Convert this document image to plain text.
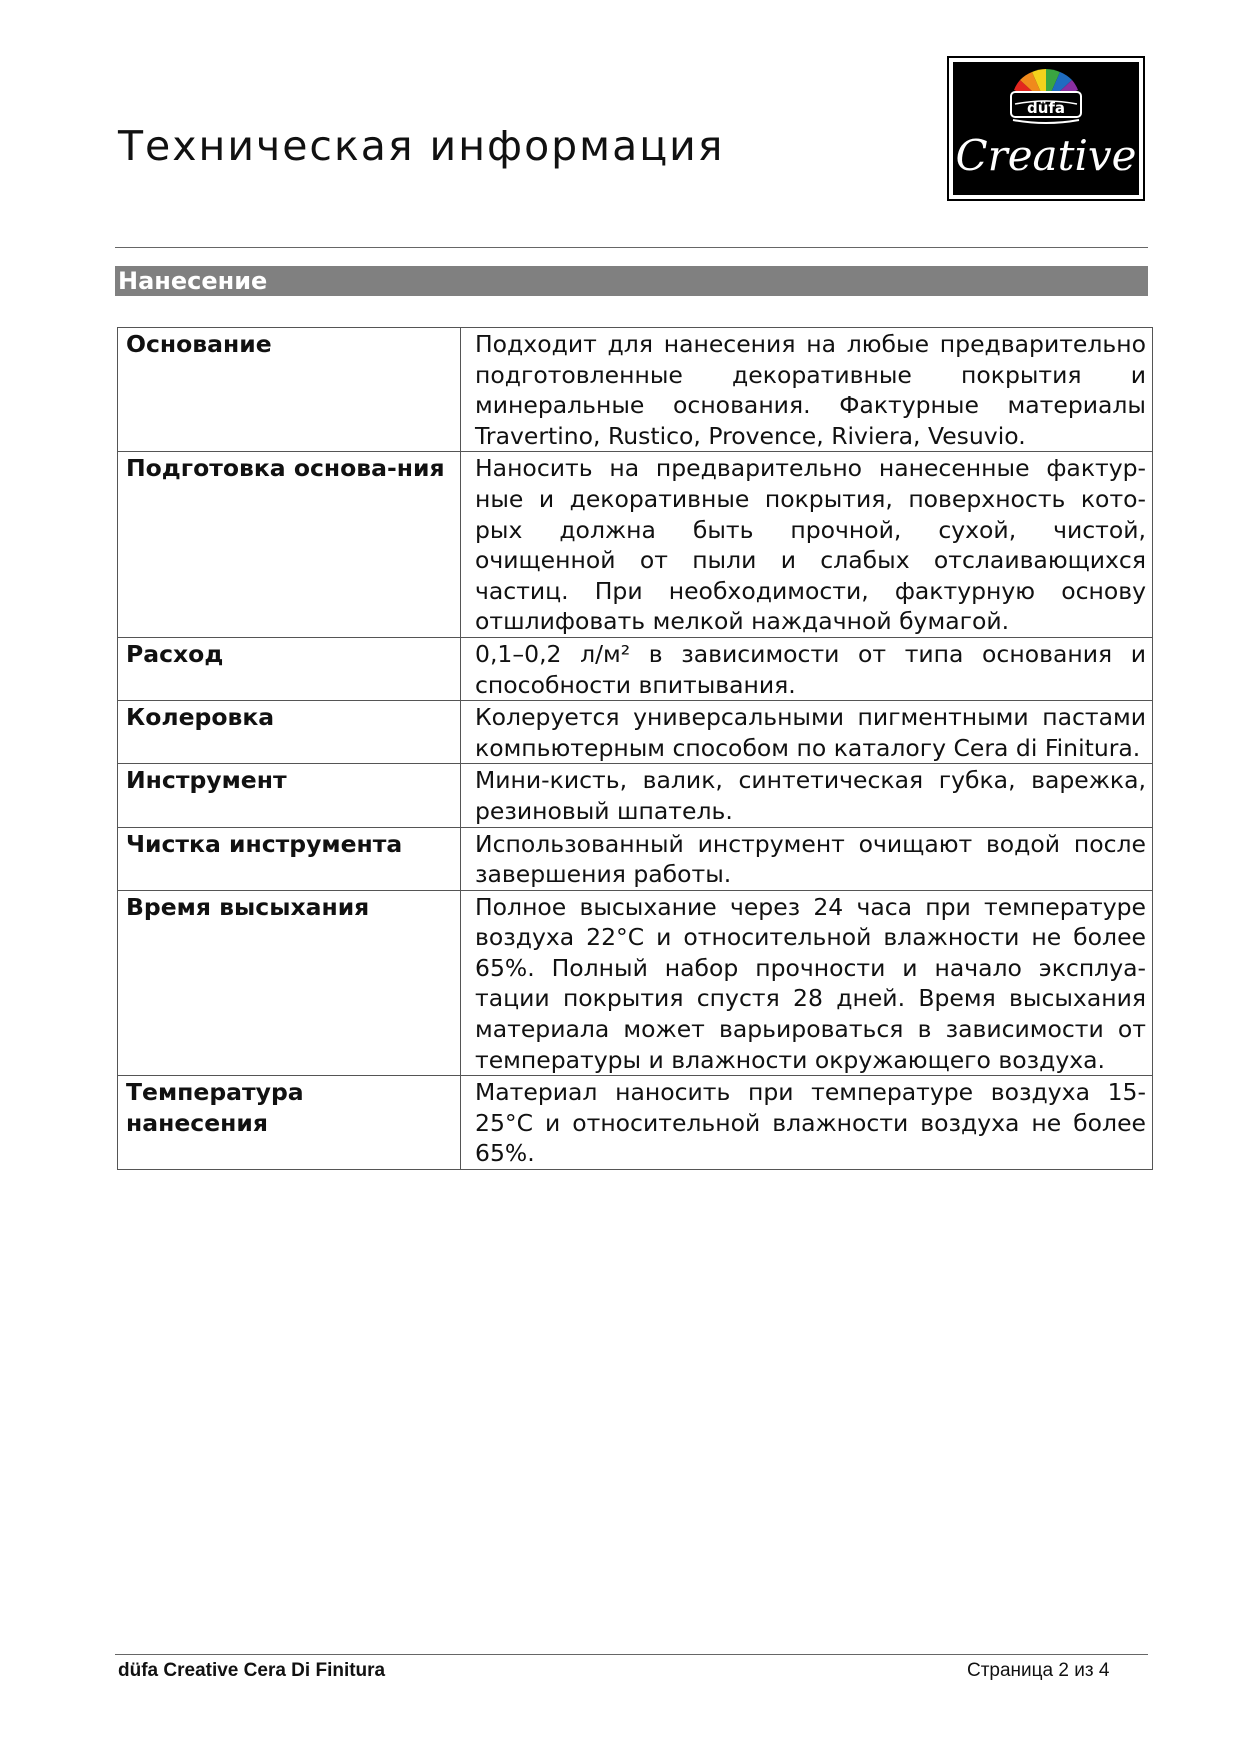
Техническая информация
düfa
Creative
Нанесение
Основание	Подходит для нанесения на любые предварительно подготовленные декоративные покрытия и минеральные основания. Фактурные материалы Travertino, Rustico, Provence, Riviera, Vesuvio.
Подготовка основа-ния	Наносить на предварительно нанесенные фактур-ные и декоративные покрытия, поверхность кото-рых должна быть прочной, сухой, чистой, очищенной от пыли и слабых отслаивающихся частиц. При необходимости, фактурную основу отшлифовать мелкой наждачной бумагой.
Расход	0,1–0,2 л/м² в зависимости от типа основания и способности впитывания.
Колеровка	Колеруется универсальными пигментными пастами компьютерным способом по каталогу Cera di Finitura.
Инструмент	Мини-кисть, валик, синтетическая губка, варежка, резиновый шпатель.
Чистка инструмента	Использованный инструмент очищают водой после завершения работы.
Время высыхания	Полное высыхание через 24 часа при температуре воздуха 22°С и относительной влажности не более 65%. Полный набор прочности и начало эксплуа-тации покрытия спустя 28 дней. Время высыхания материала может варьироваться в зависимости от температуры и влажности окружающего воздуха.
Температура нанесения	Материал наносить при температуре воздуха 15-25°С и относительной влажности воздуха не более 65%.
düfa Creative Cera Di Finitura	Страница 2 из 4
